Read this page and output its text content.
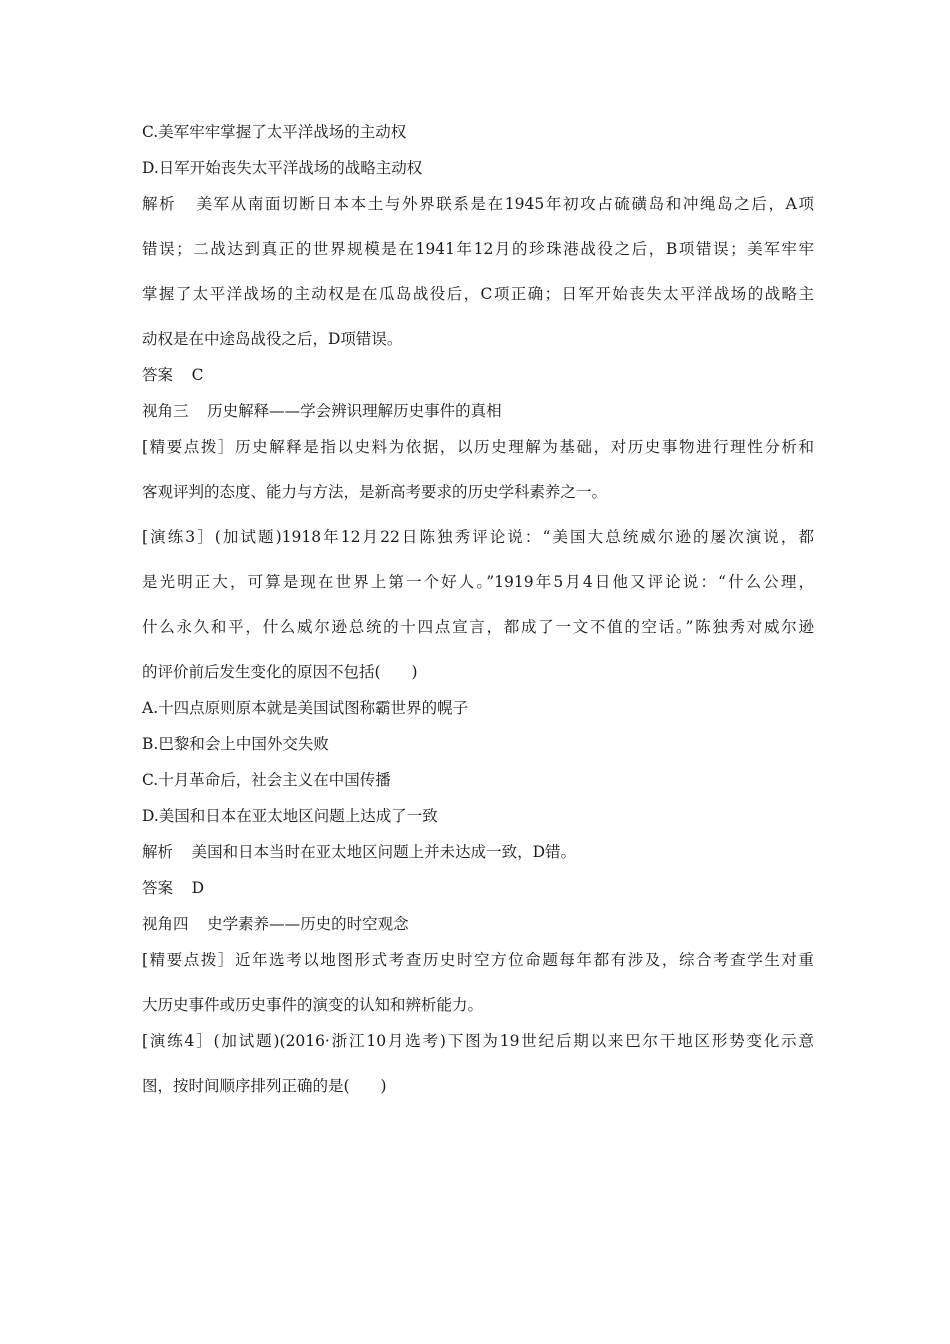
C.美军牢牢掌握了太平洋战场的主动权
D.日军开始丧失太平洋战场的战略主动权
解析 美军从南面切断日本本土与外界联系是在1945年初攻占硫磺岛和冲绳岛之后，A项
错误；二战达到真正的世界规模是在1941年12月的珍珠港战役之后，B项错误；美军牢牢
掌握了太平洋战场的主动权是在瓜岛战役后，C项正确；日军开始丧失太平洋战场的战略主
动权是在中途岛战役之后，D项错误。
答案 C
视角三 历史解释——学会辨识理解历史事件的真相
[精要点拨］历史解释是指以史料为依据，以历史理解为基础，对历史事物进行理性分析和
客观评判的态度、能力与方法，是新高考要求的历史学科素养之一。
[演练3］(加试题)1918年12月22日陈独秀评论说：“美国大总统威尔逊的屡次演说，都
是光明正大，可算是现在世界上第一个好人。”1919年5月4日他又评论说：“什么公理，
什么永久和平，什么威尔逊总统的十四点宣言，都成了一文不值的空话。”陈独秀对威尔逊
的评价前后发生变化的原因不包括(　　)
A.十四点原则原本就是美国试图称霸世界的幌子
B.巴黎和会上中国外交失败
C.十月革命后，社会主义在中国传播
D.美国和日本在亚太地区问题上达成了一致
解析 美国和日本当时在亚太地区问题上并未达成一致，D错。
答案 D
视角四 史学素养——历史的时空观念
[精要点拨］近年选考以地图形式考查历史时空方位命题每年都有涉及，综合考查学生对重
大历史事件或历史事件的演变的认知和辨析能力。
[演练4］(加试题)(2016·浙江10月选考)下图为19世纪后期以来巴尔干地区形势变化示意
图，按时间顺序排列正确的是(　　)
